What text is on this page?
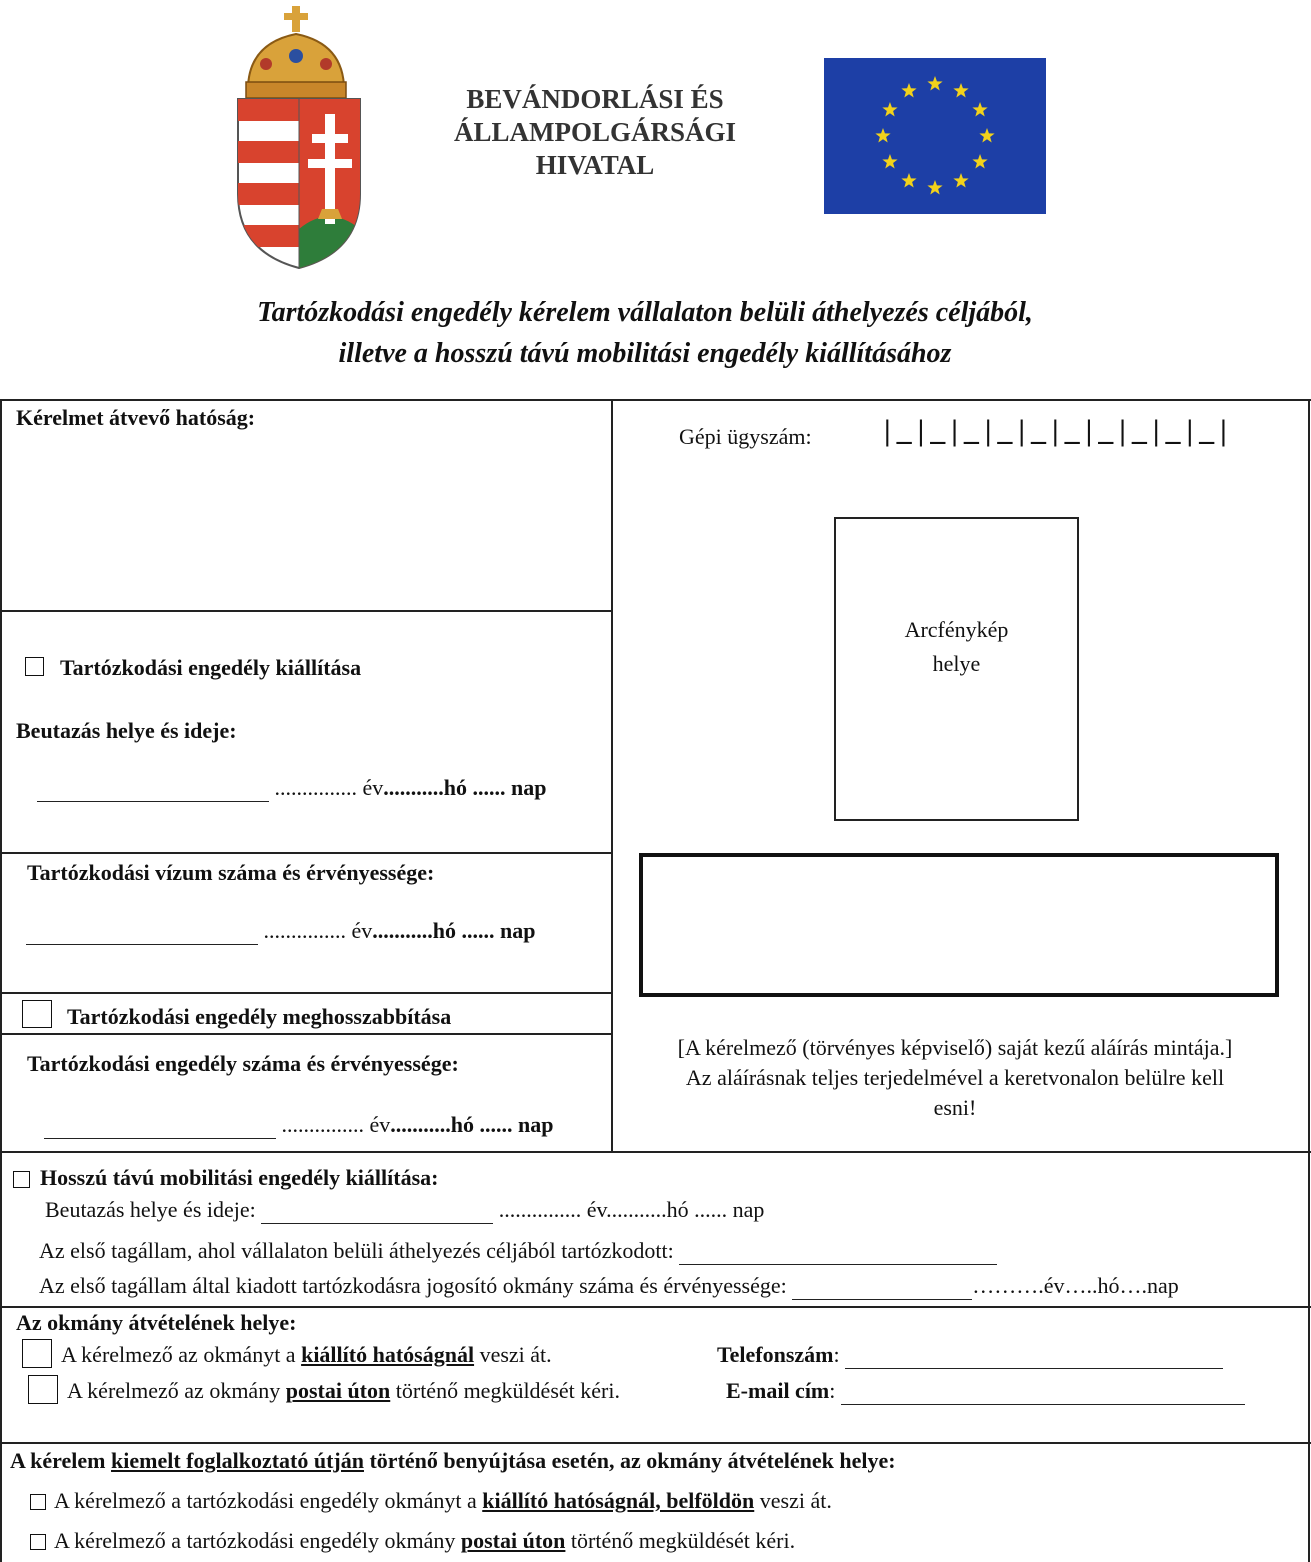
BEVÁNDORLÁSI ÉS
ÁLLAMPOLGÁRSÁGI
HIVATAL
Tartózkodási engedély kérelem vállalaton belüli áthelyezés céljából,
illetve a hosszú távú mobilitási engedély kiállításához
Kérelmet átvevő hatóság:
Tartózkodási engedély kiállítása
Beutazás helye és ideje:
............... év...........hó ...... nap
Tartózkodási vízum száma és érvényessége:
............... év...........hó ...... nap
Tartózkodási engedély meghosszabbítása
Tartózkodási engedély száma és érvényessége:
............... év...........hó ...... nap
Gépi ügyszám: |_|_|_|_|_|_|_|_|_|_|
Arcfénykép
helye
[A kérelmező (törvényes képviselő) saját kezű aláírás mintája.]
Az aláírásnak teljes terjedelmével a keretvonalon belülre kell
esni!
Hosszú távú mobilitási engedély kiállítása:
Beutazás helye és ideje:	............... év...........hó ...... nap
Az első tagállam, ahol vállalaton belüli áthelyezés céljából tartózkodott:
Az első tagállam által kiadott tartózkodásra jogosító okmány száma és érvényessége:	……….év…..hó….nap
Az okmány átvételének helye:
A kérelmező az okmányt a kiállító hatóságnál veszi át.
A kérelmező az okmány postai úton történő megküldését kéri.
Telefonszám:
E-mail cím:
A kérelem kiemelt foglalkoztató útján történő benyújtása esetén, az okmány átvételének helye:
A kérelmező a tartózkodási engedély okmányt a kiállító hatóságnál, belföldön veszi át.
A kérelmező a tartózkodási engedély okmány postai úton történő megküldését kéri.
